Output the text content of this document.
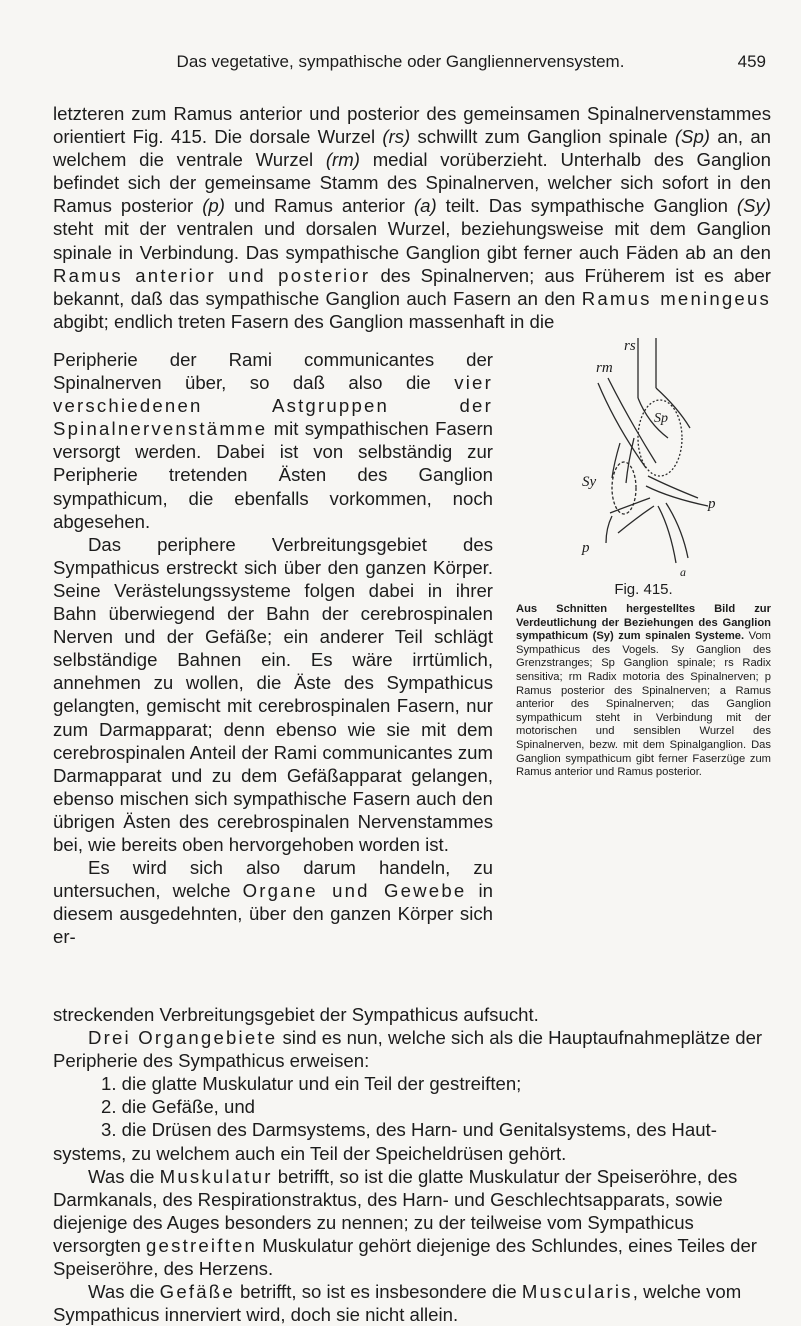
Das vegetative, sympathische oder Gangliennervensystem.	459

letzteren zum Ramus anterior und posterior des gemeinsamen Spinalnervenstammes orientiert Fig. 415. Die dorsale Wurzel (rs) schwillt zum Ganglion spinale (Sp) an, an welchem die ventrale Wurzel (rm) medial vorüberzieht. Unterhalb des Ganglion befindet sich der gemeinsame Stamm des Spinalnerven, welcher sich sofort in den Ramus posterior (p) und Ramus anterior (a) teilt. Das sympathische Ganglion (Sy) steht mit der ventralen und dorsalen Wurzel, beziehungsweise mit dem Ganglion spinale in Verbindung. Das sympathische Ganglion gibt ferner auch Fäden ab an den Ramus anterior und posterior des Spinalnerven; aus Früherem ist es aber bekannt, daß das sympathische Ganglion auch Fasern an den Ramus meningeus abgibt; endlich treten Fasern des Ganglion massenhaft in die

Peripherie der Rami communicantes der Spinalnerven über, so daß also die vier verschiedenen Astgruppen der Spinalnervenstämme mit sympathischen Fasern versorgt werden. Dabei ist von selbständig zur Peripherie tretenden Ästen des Ganglion sympathicum, die ebenfalls vorkommen, noch abgesehen.

Das periphere Verbreitungsgebiet des Sympathicus erstreckt sich über den ganzen Körper. Seine Verästelungssysteme folgen dabei in ihrer Bahn überwiegend der Bahn der cerebrospinalen Nerven und der Gefäße; ein anderer Teil schlägt selbständige Bahnen ein. Es wäre irrtümlich, annehmen zu wollen, die Äste des Sympathicus gelangten, gemischt mit cerebrospinalen Fasern, nur zum Darmapparat; denn ebenso wie sie mit dem cerebrospinalen Anteil der Rami communicantes zum Darmapparat und zu dem Gefäßapparat gelangen, ebenso mischen sich sympathische Fasern auch den übrigen Ästen des cerebrospinalen Nervenstammes bei, wie bereits oben hervorgehoben worden ist.

Es wird sich also darum handeln, zu untersuchen, welche Organe und Gewebe in diesem ausgedehnten, über den ganzen Körper sich er-

rs
rm
Sp
Sy
p
p
a
Fig. 415.
Aus Schnitten hergestelltes Bild zur Verdeutlichung der Beziehungen des Ganglion sympathicum (Sy) zum spinalen Systeme. Vom Sympathicus des Vogels. Sy Ganglion des Grenzstranges; Sp Ganglion spinale; rs Radix sensitiva; rm Radix motoria des Spinalnerven; p Ramus posterior des Spinalnerven; a Ramus anterior des Spinalnerven; das Ganglion sympathicum steht in Verbindung mit der motorischen und sensiblen Wurzel des Spinalnerven, bezw. mit dem Spinalganglion. Das Ganglion sympathicum gibt ferner Faserzüge zum Ramus anterior und Ramus posterior.

streckenden Verbreitungsgebiet der Sympathicus aufsucht.

Drei Organgebiete sind es nun, welche sich als die Hauptaufnahmeplätze der Peripherie des Sympathicus erweisen:

1. die glatte Muskulatur und ein Teil der gestreiften;
2. die Gefäße, und
3. die Drüsen des Darmsystems, des Harn- und Genitalsystems, des Haut-
systems, zu welchem auch ein Teil der Speicheldrüsen gehört.

Was die Muskulatur betrifft, so ist die glatte Muskulatur der Speiseröhre, des Darmkanals, des Respirationstraktus, des Harn- und Geschlechtsapparats, sowie diejenige des Auges besonders zu nennen; zu der teilweise vom Sympathicus versorgten gestreiften Muskulatur gehört diejenige des Schlundes, eines Teiles der Speiseröhre, des Herzens.

Was die Gefäße betrifft, so ist es insbesondere die Muscularis, welche vom Sympathicus innerviert wird, doch sie nicht allein.
